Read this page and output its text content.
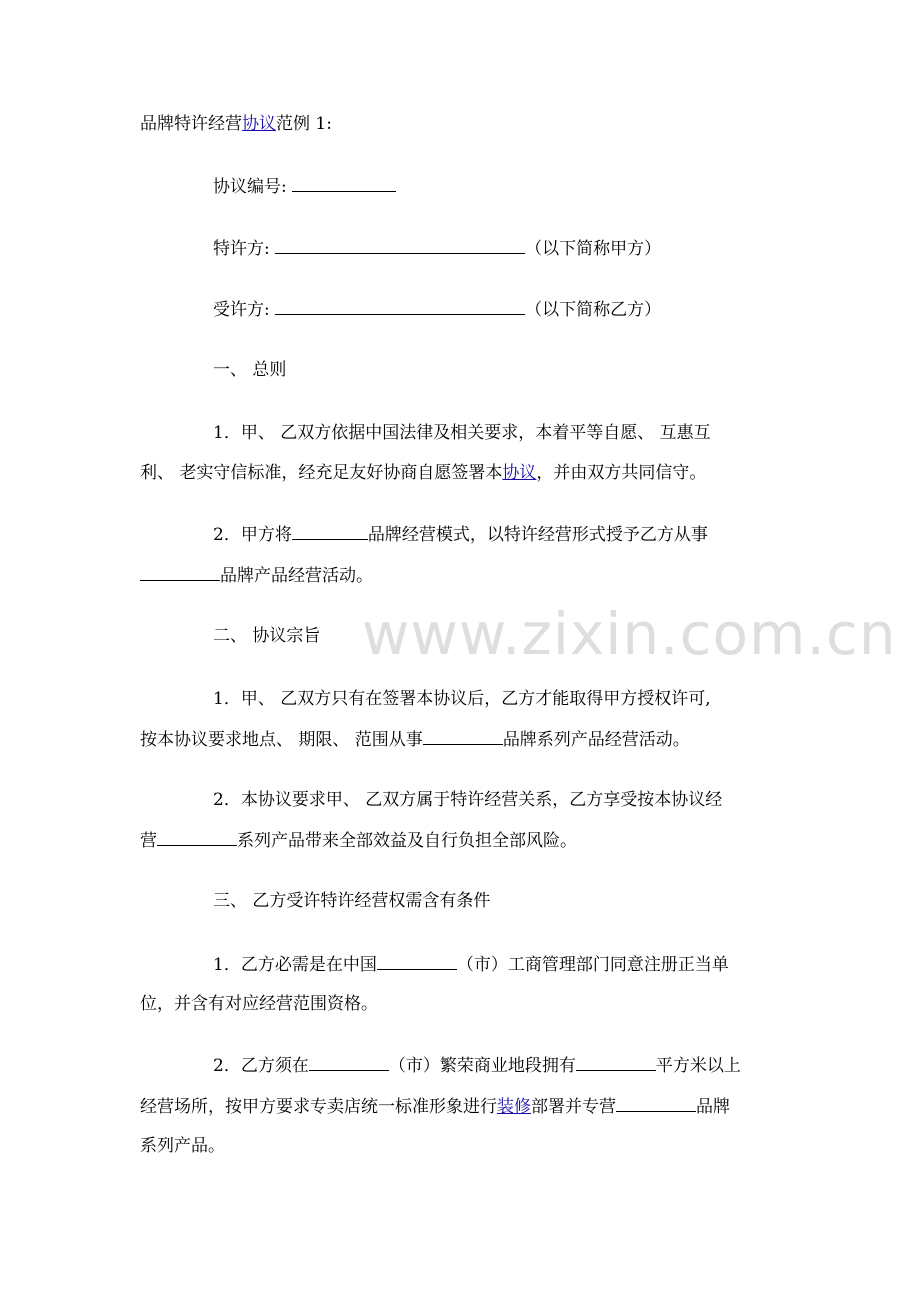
品牌特许经营协议范例 1:
协议编号:
特许方:	（以下简称甲方）
受许方:	（以下简称乙方）
一、 总则
1．甲、 乙双方依据中国法律及相关要求，本着平等自愿、 互惠互
利、 老实守信标准，经充足友好协商自愿签署本协议，并由双方共同信守。
2．甲方将	品牌经营模式，以特许经营形式授予乙方从事
品牌产品经营活动。
二、 协议宗旨
1．甲、 乙双方只有在签署本协议后，乙方才能取得甲方授权许可,
按本协议要求地点、 期限、 范围从事	品牌系列产品经营活动。
2．本协议要求甲、 乙双方属于特许经营关系，乙方享受按本协议经
营	系列产品带来全部效益及自行负担全部风险。
三、 乙方受许特许经营权需含有条件
1．乙方必需是在中国	（市）工商管理部门同意注册正当单
位，并含有对应经营范围资格。
2．乙方须在	（市）繁荣商业地段拥有	平方米以上
经营场所，按甲方要求专卖店统一标准形象进行装修部署并专营	品牌
系列产品。
www.zixin.com.cn
